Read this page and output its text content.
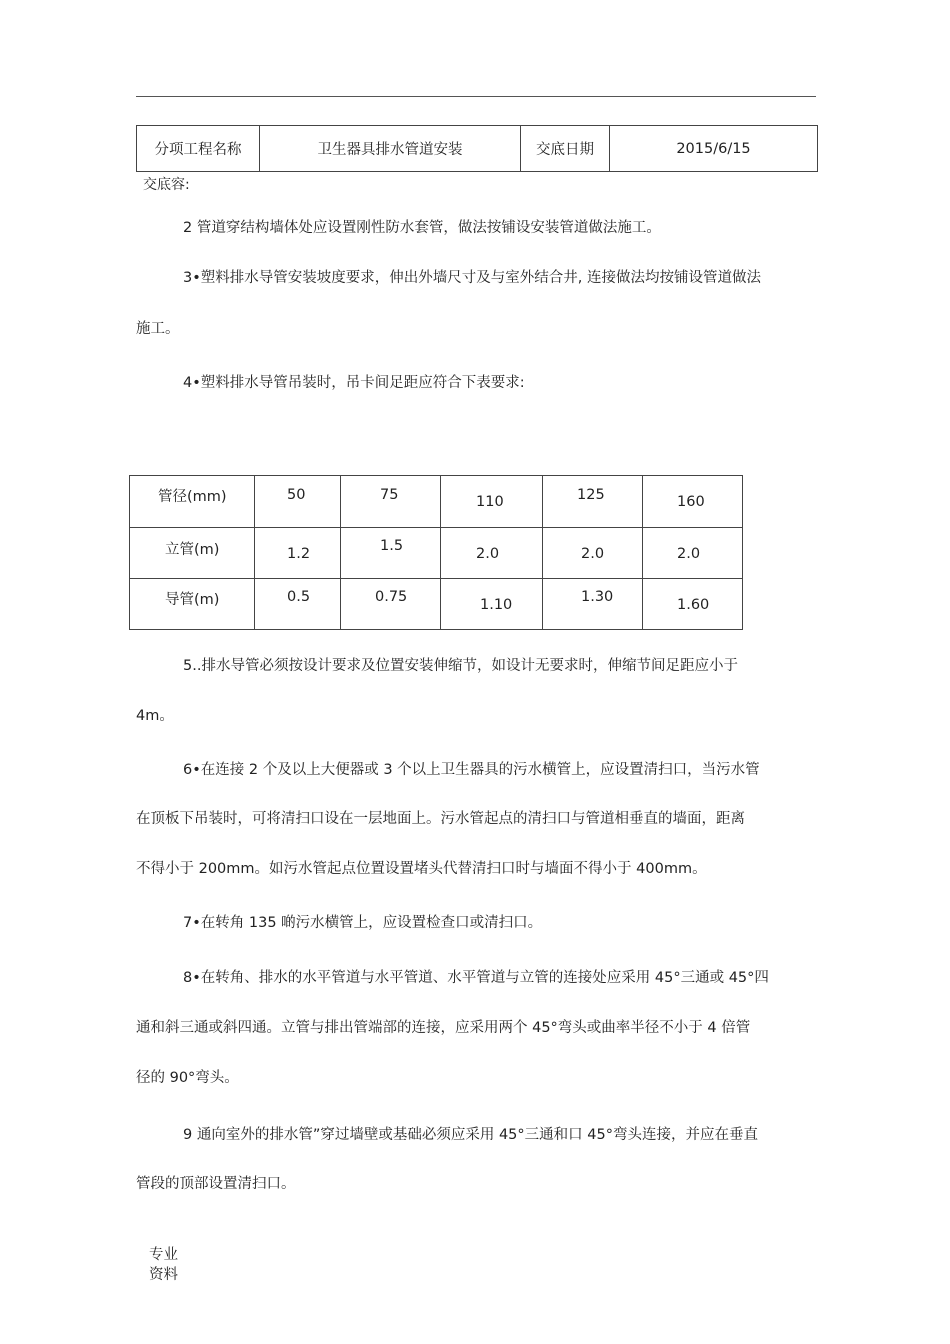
分项工程名称	卫生器具排水管道安装	交底日期	2015/6/15
交底容:
2 管道穿结构墙体处应设置刚性防水套管，做法按铺设安装管道做法施工。
3•塑料排水导管安装坡度要求，伸出外墙尺寸及与室外结合井, 连接做法均按铺设管道做法
施工。
4•塑料排水导管吊装时，吊卡间足距应符合下表要求:
管径(mm)	50	75	110	125	160
立管(m)	1.2	1.5	2.0	2.0	2.0
导管(m)	0.5	0.75	1.10	1.30	1.60
5..排水导管必须按设计要求及位置安装伸缩节，如设计无要求时，伸缩节间足距应小于
4m。
6•在连接 2 个及以上大便器或 3 个以上卫生器具的污水横管上，应设置清扫口，当污水管
在顶板下吊装时，可将清扫口设在一层地面上。污水管起点的清扫口与管道相垂直的墙面，距离
不得小于 200mm。如污水管起点位置设置堵头代替清扫口时与墙面不得小于 400mm。
7•在转角 135 啲污水横管上，应设置检查口或清扫口。
8•在转角、排水的水平管道与水平管道、水平管道与立管的连接处应采用 45°三通或 45°四
通和斜三通或斜四通。立管与排出管端部的连接，应采用两个 45°弯头或曲率半径不小于 4 倍管
径的 90°弯头。
9 通向室外的排水管”穿过墙壁或基础必须应采用 45°三通和口 45°弯头连接，并应在垂直
管段的顶部设置清扫口。
专业
资料
